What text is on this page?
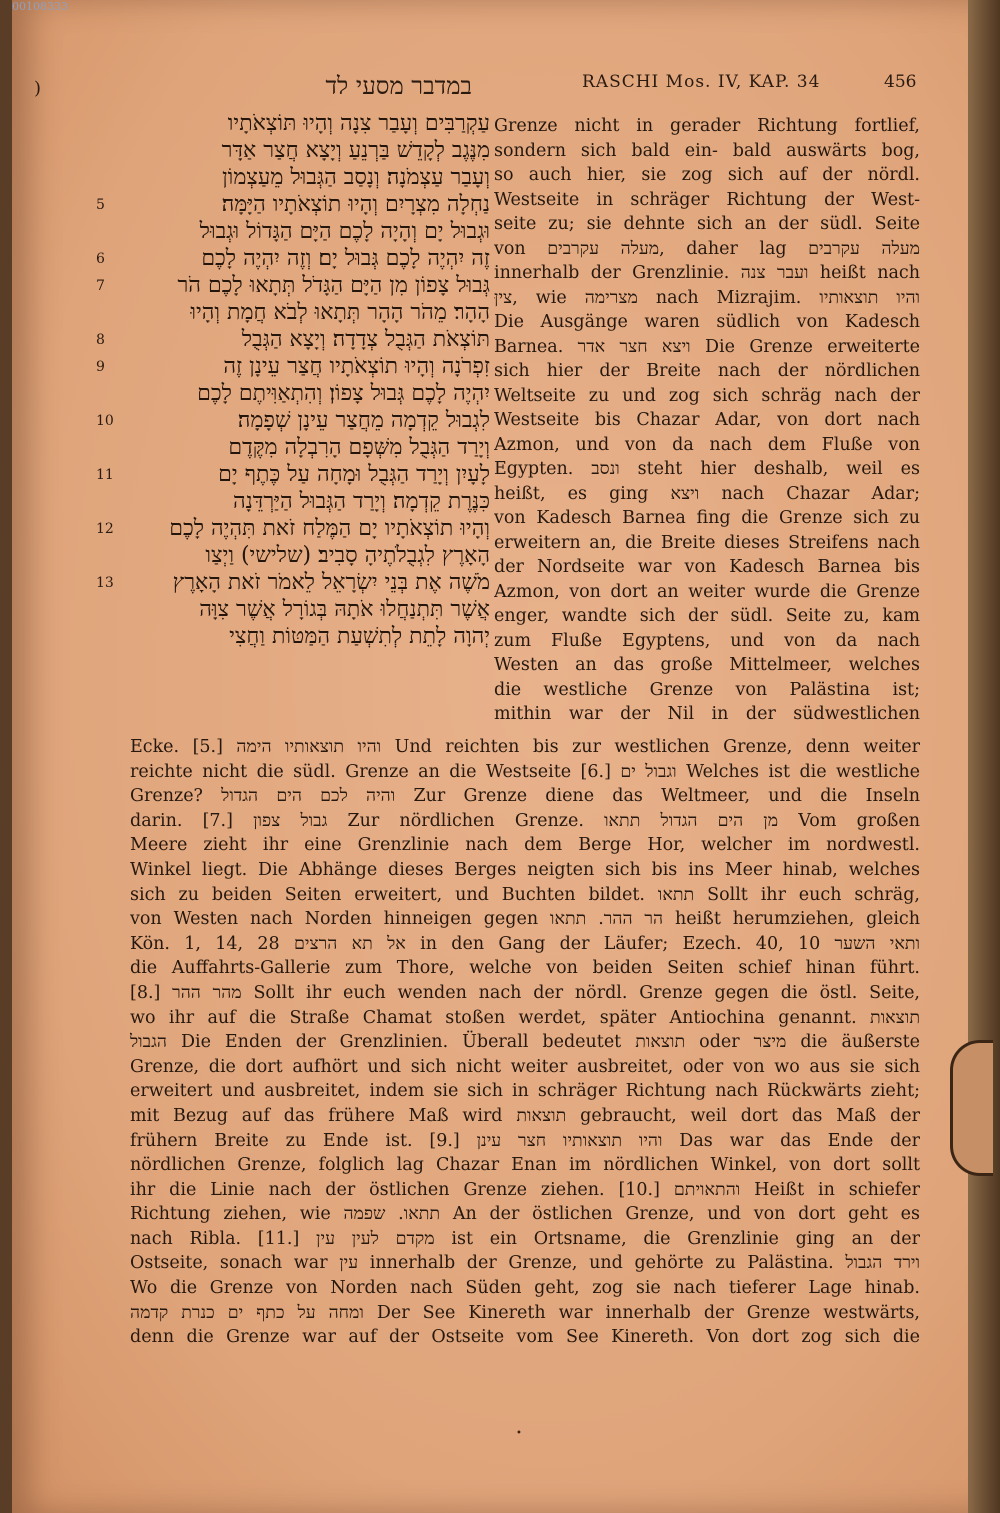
00108333
)	במדבר מסעי לד	RASCHI Mos. IV, KAP. 34	456
5
6
7
8
9
10
11
12
13
עַקְרַבִּים וְעָבַר צִנָה וְהָיוּ תּוֹצְאֹתָיו
מִנֶּגֶב לְקָדֵשׁ בַּרְנֵעַ וְיָצָא חֲצַר אַדָּר
וְעָבַר עַצְמֹנָה׃ וְנָסַב הַגְּבוּל מֵעַצְמוֹן
נַחְלָה מִצְרָיִם וְהָיוּ תוֹצְאֹתָיו הַיָּמָּה׃
וּגְבוּל יָם וְהָיָה לָכֶם הַיָּם הַגָּדוֹל וּגְבוּל
זֶה יִהְיֶה לָכֶם גְּבוּל יָם׃ וְזֶה יִהְיֶה לָכֶם
גְּבוּל צָפוֹן מִן הַיָּם הַגָּדֹל תְּתָאוּ לָכֶם הֹר
הָהָר׃ מֵהֹר הָהָר תְּתָאוּ לְבֹא חֲמָת וְהָיוּ
תּוֹצְאֹת הַגְּבֻל צְדָדָה׃ וְיָצָא הַגְּבֻל
זִפְרֹנָה וְהָיוּ תוֹצְאֹתָיו חֲצַר עֵינָן זֶה
יִהְיֶה לָכֶם גְּבוּל צָפוֹן׃ וְהִתְאַוִּיתֶם לָכֶם
לִגְבוּל קֵדְמָה מֵחֲצַר עֵינָן שְׁפָמָה׃
וְיָרַד הַגְּבֻל מִשְּׁפָם הָרִבְלָה מִקֶּדֶם
לָעָיִן וְיָרַד הַגְּבֻל וּמָחָה עַל כֶּתֶף יָם
כִּנֶּרֶת קֵדְמָה׃ וְיָרַד הַגְּבוּל הַיַּרְדֵּנָה
וְהָיוּ תוֹצְאֹתָיו יָם הַמֶּלַח זֹאת תִּהְיֶה לָכֶם
הָאָרֶץ לִגְבֻלֹתֶיהָ סָבִיב׃ (שלישי) וַיְצַו
מֹשֶׁה אֶת בְּנֵי יִשְׂרָאֵל לֵאמֹר זֹאת הָאָרֶץ
אֲשֶׁר תִּתְנַחֲלוּ אֹתָהּ בְּגוֹרָל אֲשֶׁר צִוָּה
יְהוָה לָתֵת לְתִשְׁעַת הַמַּטּוֹת וַחֲצִי
Grenze nicht in gerader Richtung fortlief,
sondern sich bald ein- bald auswärts bog,
so auch hier, sie zog sich auf der nördl.
Westseite in schräger Richtung der West-
seite zu; sie dehnte sich an der südl. Seite
von מעלה עקרבים, daher lag מעלה עקרבים
innerhalb der Grenzlinie. ועבר צנה heißt nach
ציןּ, wie מצרימה nach Mizrajim. והיו תוצאותיו
Die Ausgänge waren südlich von Kadesch
Barnea. ויצא חצר אדר Die Grenze erweiterte
sich hier der Breite nach der nördlichen
Weltseite zu und zog sich schräg nach der
Westseite bis Chazar Adar, von dort nach
Azmon, und von da nach dem Fluße von
Egypten. ונסב steht hier deshalb, weil es
heißt, es ging ויצא nach Chazar Adar;
von Kadesch Barnea fing die Grenze sich zu
erweitern an, die Breite dieses Streifens nach
der Nordseite war von Kadesch Barnea bis
Azmon, von dort an weiter wurde die Grenze
enger, wandte sich der südl. Seite zu, kam
zum Fluße Egyptens, und von da nach
Westen an das große Mittelmeer, welches
die westliche Grenze von Palästina ist;
mithin war der Nil in der südwestlichen
Ecke. [5.] והיו תוצאותיו הימה Und reichten bis zur westlichen Grenze, denn weiter
reichte nicht die südl. Grenze an die Westseite [6.] וגבול ים Welches ist die westliche
Grenze? והיה לכם הים הגדול Zur Grenze diene das Weltmeer, und die Inseln
darin. [7.] גבול צפון Zur nördlichen Grenze. מן הים הגדול תתאו Vom großen
Meere zieht ihr eine Grenzlinie nach dem Berge Hor, welcher im nordwestl.
Winkel liegt. Die Abhänge dieses Berges neigten sich bis ins Meer hinab, welches
sich zu beiden Seiten erweitert, und Buchten bildet. תתאו Sollt ihr euch schräg,
von Westen nach Norden hinneigen gegen הר ההר. תתאו heißt herumziehen, gleich
Kön. 1, 14, 28 אל תא הרצים in den Gang der Läufer; Ezech. 40, 10 ותאי השער
die Auffahrts-Gallerie zum Thore, welche von beiden Seiten schief hinan führt.
[8.] מהר ההר Sollt ihr euch wenden nach der nördl. Grenze gegen die östl. Seite,
wo ihr auf die Straße Chamat stoßen werdet, später Antiochina genannt. תוצאות
הגבול Die Enden der Grenzlinien. Überall bedeutet תוצאות oder מיצר die äußerste
Grenze, die dort aufhört und sich nicht weiter ausbreitet, oder von wo aus sie sich
erweitert und ausbreitet, indem sie sich in schräger Richtung nach Rückwärts zieht;
mit Bezug auf das frühere Maß wird תוצאות gebraucht, weil dort das Maß der
frühern Breite zu Ende ist. [9.] והיו תוצאותיו חצר עינן Das war das Ende der
nördlichen Grenze, folglich lag Chazar Enan im nördlichen Winkel, von dort sollt
ihr die Linie nach der östlichen Grenze ziehen. [10.] והתאויתם Heißt in schiefer
Richtung ziehen, wie תתאו. שפמה An der östlichen Grenze, und von dort geht es
nach Ribla. [11.] מקדם לעין עין ist ein Ortsname, die Grenzlinie ging an der
Ostseite, sonach war עין innerhalb der Grenze, und gehörte zu Palästina. וירד הגבול
Wo die Grenze von Norden nach Süden geht, zog sie nach tieferer Lage hinab.
ומחה על כתף ים כנרת קדמה Der See Kinereth war innerhalb der Grenze westwärts,
denn die Grenze war auf der Ostseite vom See Kinereth. Von dort zog sich die
•
